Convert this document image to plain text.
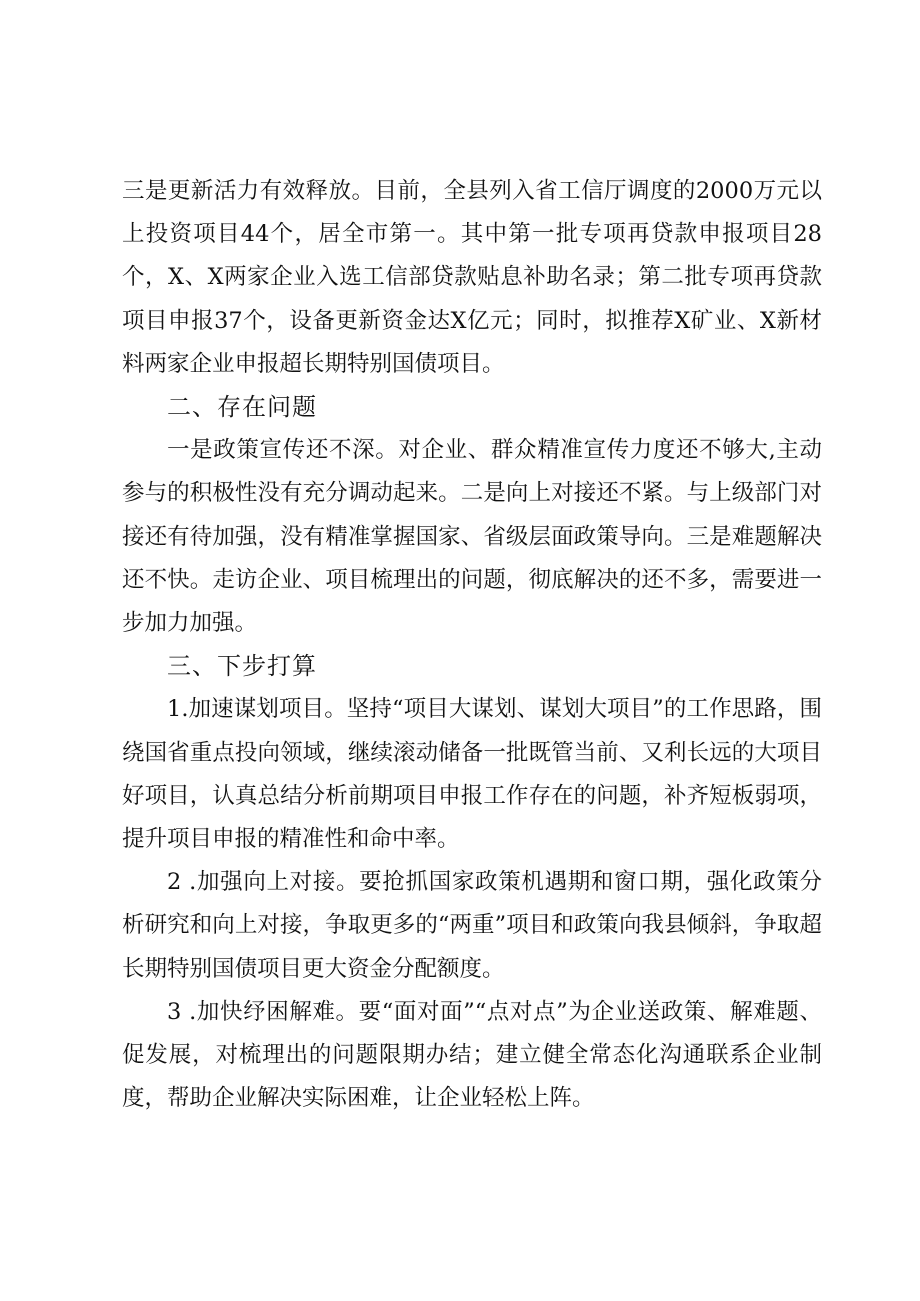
三是更新活力有效释放。目前，全县列入省工信厅调度的2000万元以上投资项目44个，居全市第一。其中第一批专项再贷款申报项目28个，X、X两家企业入选工信部贷款贴息补助名录；第二批专项再贷款项目申报37个，设备更新资金达X亿元；同时，拟推荐X矿业、X新材料两家企业申报超长期特别国债项目。

二、存在问题

一是政策宣传还不深。对企业、群众精准宣传力度还不够大,主动参与的积极性没有充分调动起来。二是向上对接还不紧。与上级部门对接还有待加强，没有精准掌握国家、省级层面政策导向。三是难题解决还不快。走访企业、项目梳理出的问题，彻底解决的还不多，需要进一步加力加强。

三、下步打算

1.加速谋划项目。坚持“项目大谋划、谋划大项目”的工作思路，围绕国省重点投向领域，继续滚动储备一批既管当前、又利长远的大项目好项目，认真总结分析前期项目申报工作存在的问题，补齐短板弱项，提升项目申报的精准性和命中率。

2 .加强向上对接。要抢抓国家政策机遇期和窗口期，强化政策分析研究和向上对接，争取更多的“两重”项目和政策向我县倾斜，争取超长期特别国债项目更大资金分配额度。

3 .加快纾困解难。要“面对面”“点对点”为企业送政策、解难题、促发展，对梳理出的问题限期办结；建立健全常态化沟通联系企业制度，帮助企业解决实际困难，让企业轻松上阵。
